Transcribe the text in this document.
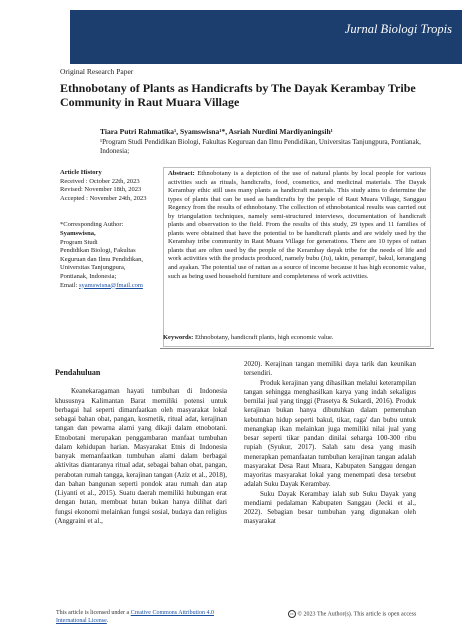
Jurnal Biologi Tropis
Original Research Paper
Ethnobotany of Plants as Handicrafts by The Dayak Kerambay Tribe Community in Raut Muara Village
Tiara Putri Rahmatika¹, Syamswisna¹*, Asriah Nurdini Mardiyaningsih¹
¹Program Studi Pendidikan Biologi, Fakultas Keguruan dan Ilmu Pendidikan, Universitas Tanjungpura, Pontianak, Indonesia;
Article History
Received : October 22th, 2023
Revised: November 18th, 2023
Accepted : November 24th, 2023
*Corresponding Author:
Syamswisna,
Program Studi
Pendidikan Biologi, Fakultas
Keguruan dan Ilmu Pendidikan,
Universitas Tanjungpura,
Pontianak, Indonesia;
Email: syamswisna@fmail.com
Abstract: Ethnobotany is a depiction of the use of natural plants by local people for various activities such as rituals, handicrafts, food, cosmetics, and medicinal materials. The Dayak Kerambay ethic still uses many plants as handicraft materials. This study aims to determine the types of plants that can be used as handicrafts by the people of Raut Muara Village, Sanggau Regency from the results of ethnobotany. The collection of ethnobotanical results was carried out by triangulation techniques, namely semi-structured interviews, documentation of handicraft plants and observation to the field. From the results of this study, 29 types and 11 families of plants were obtained that have the potential to be handicraft plants and are widely used by the Kerambay tribe community in Raut Muara Village for generations. There are 10 types of rattan plants that are often used by the people of the Kerambay dayak tribe for the needs of life and work activities with the products produced, namely bubu (Ju), takin, penampi', bakul, kerangjang and ayakan. The potential use of rattan as a source of income because it has high economic value, such as being used household furniture and completeness of work activities.
Keywords: Ethnobotany, handicraft plants, high economic value.

Pendahuluan

Keanekaragaman hayati tumbuhan di Indonesia khususnya Kalimantan Barat memiliki potensi untuk berbagai hal seperti dimanfaatkan oleh masyarakat lokal sebagai bahan obat, pangan, kosmetik, ritual adat, kerajinan tangan dan pewarna alami yang dikaji dalam etnobotani. Etnobotani merupakan penggambaran manfaat tumbuhan dalam kehidupan harian. Masyarakat Etnis di Indonesia banyak memanfaatkan tumbuhan alami dalam berbagai aktivitas diantaranya ritual adat, sebagai bahan obat, pangan, perabotan rumah tangga, kerajinan tangan (Aziz et al., 2018), dan bahan bangunan seperti pondok atau rumah dan atap (Liyanti et al., 2015). Suatu daerah memiliki hubungan erat dengan hutan, membuat hutan bukan hanya dilihat dari fungsi ekonomi melainkan fungsi sosial, budaya dan religius (Anggraini et al.,

2020). Kerajinan tangan memiliki daya tarik dan keunikan tersendiri.

Produk kerajinan yang dihasilkan melalui keterampilan tangan sehingga menghasilkan karya yang indah sekaligus bernilai jual yang tinggi (Prasetya & Sukardi, 2016). Produk kerajinan bukan hanya dibutuhkan dalam pemenuhan kebutuhan hidup seperti bakul, tikar, raga' dan bubu untuk menangkap ikan melainkan juga memiliki nilai jual yang besar seperti tikar pandan dinilai seharga 100-300 ribu rupiah (Syukur, 2017). Salah satu desa yang masih menerapkan pemanfaatan tumbuhan kerajinan tangan adalah masyarakat Desa Raut Muara, Kabupaten Sanggau dengan mayoritas masyarakat lokal yang menempati desa tersebut adalah Suku Dayak Kerambay.

Suku Dayak Kerambay ialah sub Suku Dayak yang mendiami pedalaman Kabupaten Sanggau (Jecki et al., 2022). Sebagian besar tumbuhan yang digunakan oleh masyarakat

This article is licensed under a Creative Commons Attribution 4.0 International License.
cc © 2023 The Author(s). This article is open access
